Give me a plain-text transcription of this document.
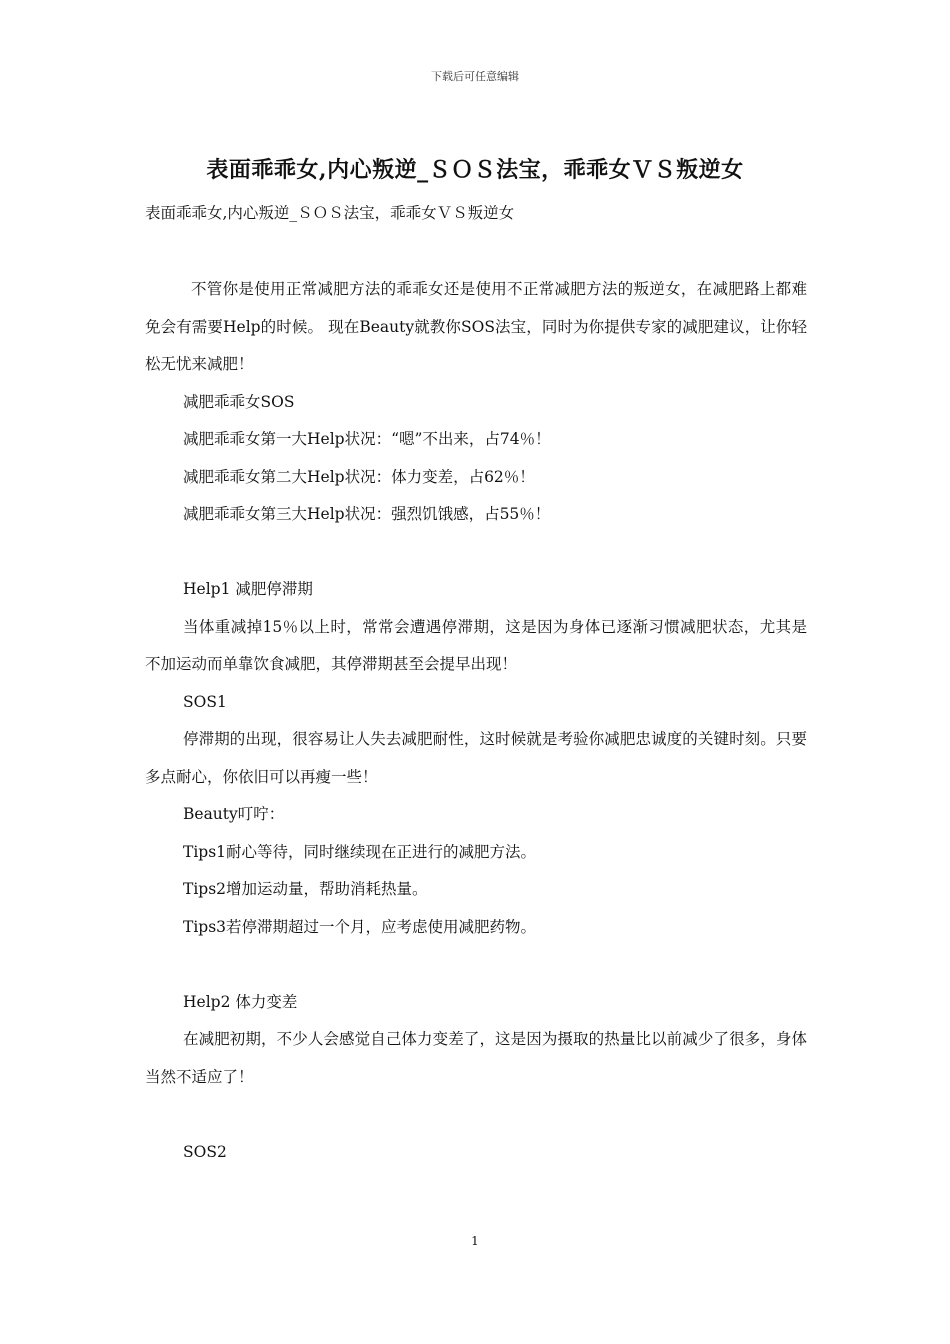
下载后可任意编辑
表面乖乖女,内心叛逆_ＳＯＳ法宝，乖乖女ＶＳ叛逆女
表面乖乖女,内心叛逆_ＳＯＳ法宝，乖乖女ＶＳ叛逆女

不管你是使用正常减肥方法的乖乖女还是使用不正常减肥方法的叛逆女，在减肥路上都难免会有需要Help的时候。 现在Beauty就教你SOS法宝，同时为你提供专家的减肥建议，让你轻松无忧来减肥！

减肥乖乖女SOS

减肥乖乖女第一大Help状况：“嗯”不出来，占74％！

减肥乖乖女第二大Help状况：体力变差，占62％！

减肥乖乖女第三大Help状况：强烈饥饿感，占55％！

Help1 减肥停滞期

当体重减掉15％以上时，常常会遭遇停滞期，这是因为身体已逐渐习惯减肥状态，尤其是不加运动而单靠饮食减肥，其停滞期甚至会提早出现！

SOS1

停滞期的出现，很容易让人失去减肥耐性，这时候就是考验你减肥忠诚度的关键时刻。只要多点耐心，你依旧可以再瘦一些！

Beauty叮咛：

Tips1耐心等待，同时继续现在正进行的减肥方法。

Tips2增加运动量，帮助消耗热量。

Tips3若停滞期超过一个月，应考虑使用减肥药物。

Help2 体力变差

在减肥初期，不少人会感觉自己体力变差了，这是因为摄取的热量比以前减少了很多，身体当然不适应了！

SOS2

1
